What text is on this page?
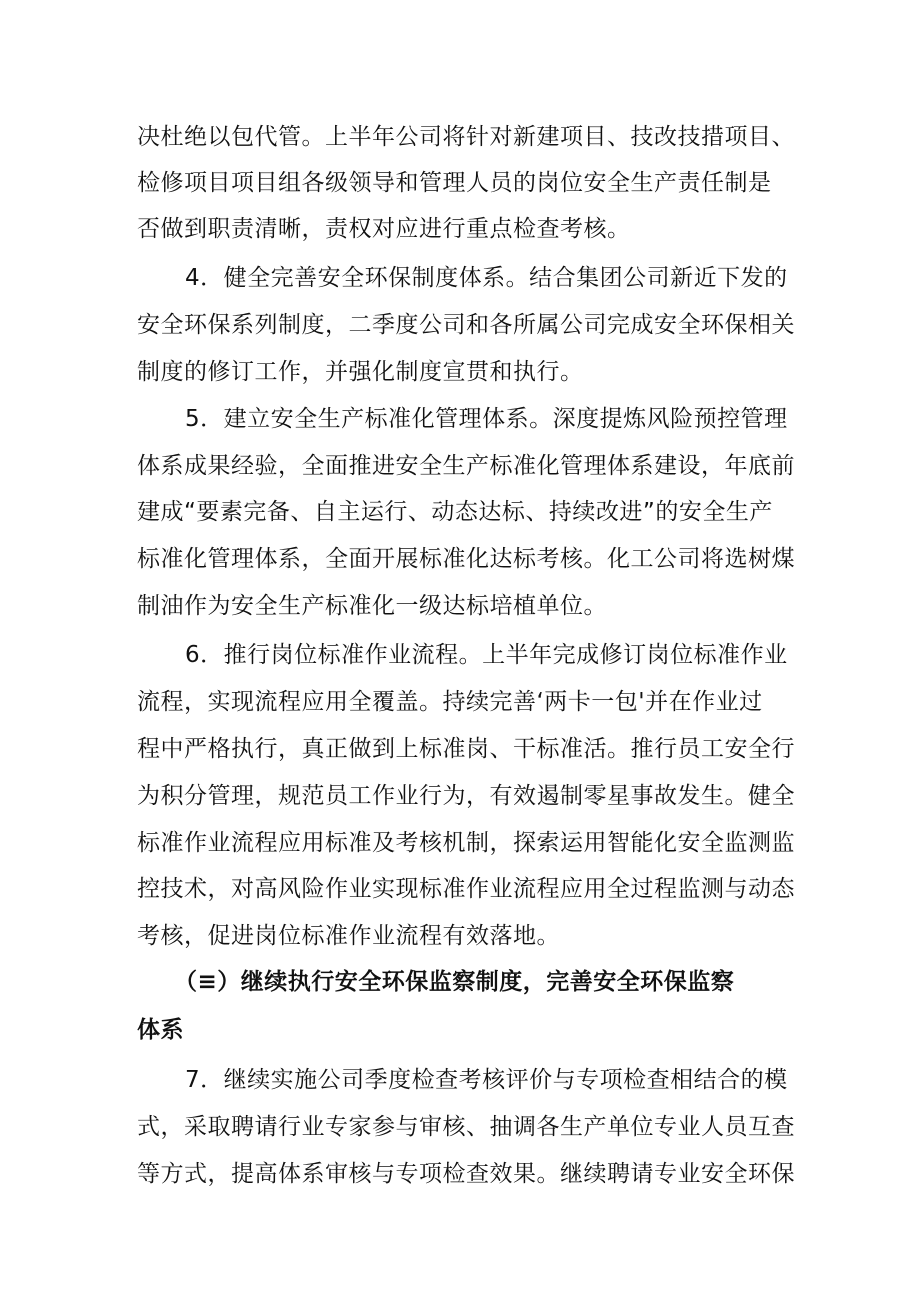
决杜绝以包代管。上半年公司将针对新建项目、技改技措项目、
检修项目项目组各级领导和管理人员的岗位安全生产责任制是
否做到职责清晰，责权对应进行重点检查考核。
4．健全完善安全环保制度体系。结合集团公司新近下发的
安全环保系列制度，二季度公司和各所属公司完成安全环保相关
制度的修订工作，并强化制度宣贯和执行。
5．建立安全生产标准化管理体系。深度提炼风险预控管理
体系成果经验，全面推进安全生产标准化管理体系建设，年底前
建成“要素完备、自主运行、动态达标、持续改进”的安全生产
标准化管理体系，全面开展标准化达标考核。化工公司将选树煤
制油作为安全生产标准化一级达标培植单位。
6．推行岗位标准作业流程。上半年完成修订岗位标准作业
流程，实现流程应用全覆盖。持续完善‘两卡一包'并在作业过
程中严格执行，真正做到上标准岗、干标准活。推行员工安全行
为积分管理，规范员工作业行为，有效遏制零星事故发生。健全
标准作业流程应用标准及考核机制，探索运用智能化安全监测监
控技术，对高风险作业实现标准作业流程应用全过程监测与动态
考核，促进岗位标准作业流程有效落地。
（≡）继续执行安全环保监察制度，完善安全环保监察
体系
7．继续实施公司季度检查考核评价与专项检查相结合的模
式，采取聘请行业专家参与审核、抽调各生产单位专业人员互查
等方式，提高体系审核与专项检查效果。继续聘请专业安全环保
